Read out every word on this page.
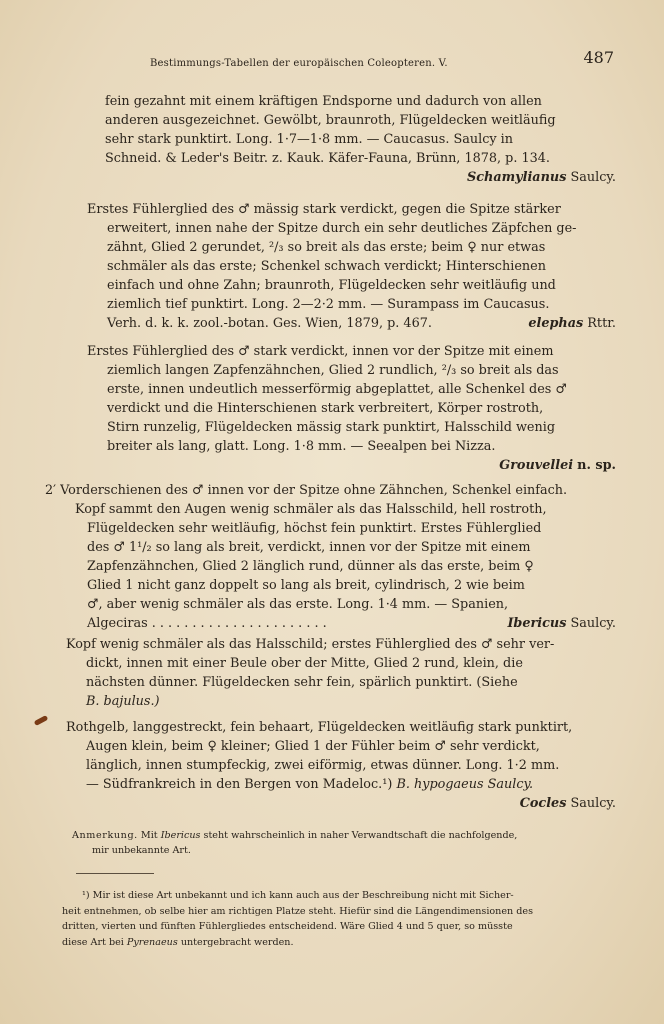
Bestimmungs-Tabellen der europäischen Coleopteren. V.	487
fein gezahnt mit einem kräftigen Endsporne und dadurch von allen
anderen ausgezeichnet. Gewölbt, braunroth, Flügeldecken weitläufig
sehr stark punktirt. Long. 1·7—1·8 mm. — Caucasus. Saulcy in
Schneid. & Leder's Beitr. z. Kauk. Käfer-Fauna, Brünn, 1878, p. 134.
Schamylianus Saulcy.
Erstes Fühlerglied des ♂ mässig stark verdickt, gegen die Spitze stärker
erweitert, innen nahe der Spitze durch ein sehr deutliches Zäpfchen ge-
zähnt, Glied 2 gerundet, ²/₃ so breit als das erste; beim ♀ nur etwas
schmäler als das erste; Schenkel schwach verdickt; Hinterschienen
einfach und ohne Zahn; braunroth, Flügeldecken sehr weitläufig und
ziemlich tief punktirt. Long. 2—2·2 mm. — Surampass im Caucasus.
Verh. d. k. k. zool.-botan. Ges. Wien, 1879, p. 467.	elephas Rttr.
Erstes Fühlerglied des ♂ stark verdickt, innen vor der Spitze mit einem
ziemlich langen Zapfenzähnchen, Glied 2 rundlich, ²/₃ so breit als das
erste, innen undeutlich messerförmig abgeplattet, alle Schenkel des ♂
verdickt und die Hinterschienen stark verbreitert, Körper rostroth,
Stirn runzelig, Flügeldecken mässig stark punktirt, Halsschild wenig
breiter als lang, glatt. Long. 1·8 mm. — Seealpen bei Nizza.
Grouvellei n. sp.
2′ Vorderschienen des ♂ innen vor der Spitze ohne Zähnchen, Schenkel einfach.
Kopf sammt den Augen wenig schmäler als das Halsschild, hell rostroth,
Flügeldecken sehr weitläufig, höchst fein punktirt. Erstes Fühlerglied
des ♂ 1¹/₂ so lang als breit, verdickt, innen vor der Spitze mit einem
Zapfenzähnchen, Glied 2 länglich rund, dünner als das erste, beim ♀
Glied 1 nicht ganz doppelt so lang als breit, cylindrisch, 2 wie beim
♂, aber wenig schmäler als das erste. Long. 1·4 mm. — Spanien,
Algeciras . . . . . . . . . . . . . . . . . . . . . .	Ibericus Saulcy.
Kopf wenig schmäler als das Halsschild; erstes Fühlerglied des ♂ sehr ver-
dickt, innen mit einer Beule ober der Mitte, Glied 2 rund, klein, die
nächsten dünner. Flügeldecken sehr fein, spärlich punktirt. (Siehe
B. bajulus.)
Rothgelb, langgestreckt, fein behaart, Flügeldecken weitläufig stark punktirt,
Augen klein, beim ♀ kleiner; Glied 1 der Fühler beim ♂ sehr verdickt,
länglich, innen stumpfeckig, zwei eiförmig, etwas dünner. Long. 1·2 mm.
— Südfrankreich in den Bergen von Madeloc.¹) B. hypogaeus Saulcy.
Cocles Saulcy.
Anmerkung. Mit Ibericus steht wahrscheinlich in naher Verwandtschaft die nachfolgende,
mir unbekannte Art.
¹) Mir ist diese Art unbekannt und ich kann auch aus der Beschreibung nicht mit Sicher-
heit entnehmen, ob selbe hier am richtigen Platze steht. Hiefür sind die Längendimensionen des
dritten, vierten und fünften Fühlergliedes entscheidend. Wäre Glied 4 und 5 quer, so müsste
diese Art bei Pyrenaeus untergebracht werden.
